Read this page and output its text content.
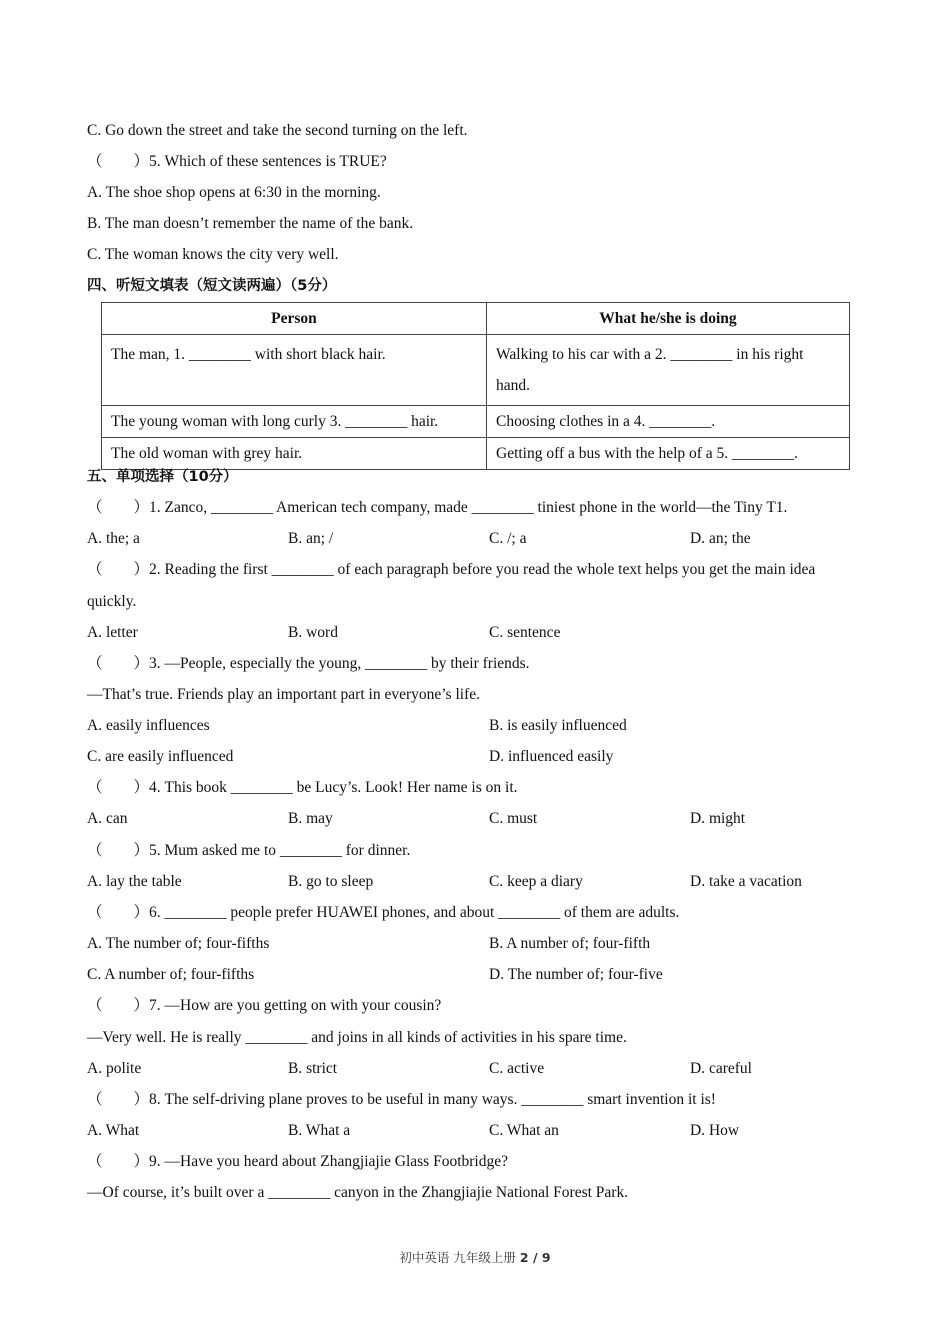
C. Go down the street and take the second turning on the left.
（　　）5. Which of these sentences is TRUE?
A. The shoe shop opens at 6:30 in the morning.
B. The man doesn’t remember the name of the bank.
C. The woman knows the city very well.
四、听短文填表（短文读两遍）（5分）
Person	What he/she is doing
The man, 1. ________ with short black hair.	Walking to his car with a 2. ________ in his right hand.
The young woman with long curly 3. ________ hair.	Choosing clothes in a 4. ________.
The old woman with grey hair.	Getting off a bus with the help of a 5. ________.
五、单项选择（10分）
（　　）1. Zanco, ________ American tech company, made ________ tiniest phone in the world—the Tiny T1.
A. the; a	B. an; /	C. /; a	D. an; the
（　　）2. Reading the first ________ of each paragraph before you read the whole text helps you get the main idea
quickly.
A. letter	B. word	C. sentence
（　　）3. —People, especially the young, ________ by their friends.
—That’s true. Friends play an important part in everyone’s life.
A. easily influences	B. is easily influenced
C. are easily influenced	D. influenced easily
（　　）4. This book ________ be Lucy’s. Look! Her name is on it.
A. can	B. may	C. must	D. might
（　　）5. Mum asked me to ________ for dinner.
A. lay the table	B. go to sleep	C. keep a diary	D. take a vacation
（　　）6. ________ people prefer HUAWEI phones, and about ________ of them are adults.
A. The number of; four-fifths	B. A number of; four-fifth
C. A number of; four-fifths	D. The number of; four-five
（　　）7. —How are you getting on with your cousin?
—Very well. He is really ________ and joins in all kinds of activities in his spare time.
A. polite	B. strict	C. active	D. careful
（　　）8. The self-driving plane proves to be useful in many ways. ________ smart invention it is!
A. What	B. What a	C. What an	D. How
（　　）9. —Have you heard about Zhangjiajie Glass Footbridge?
—Of course, it’s built over a ________ canyon in the Zhangjiajie National Forest Park.
初中英语 九年级上册 2 / 9
